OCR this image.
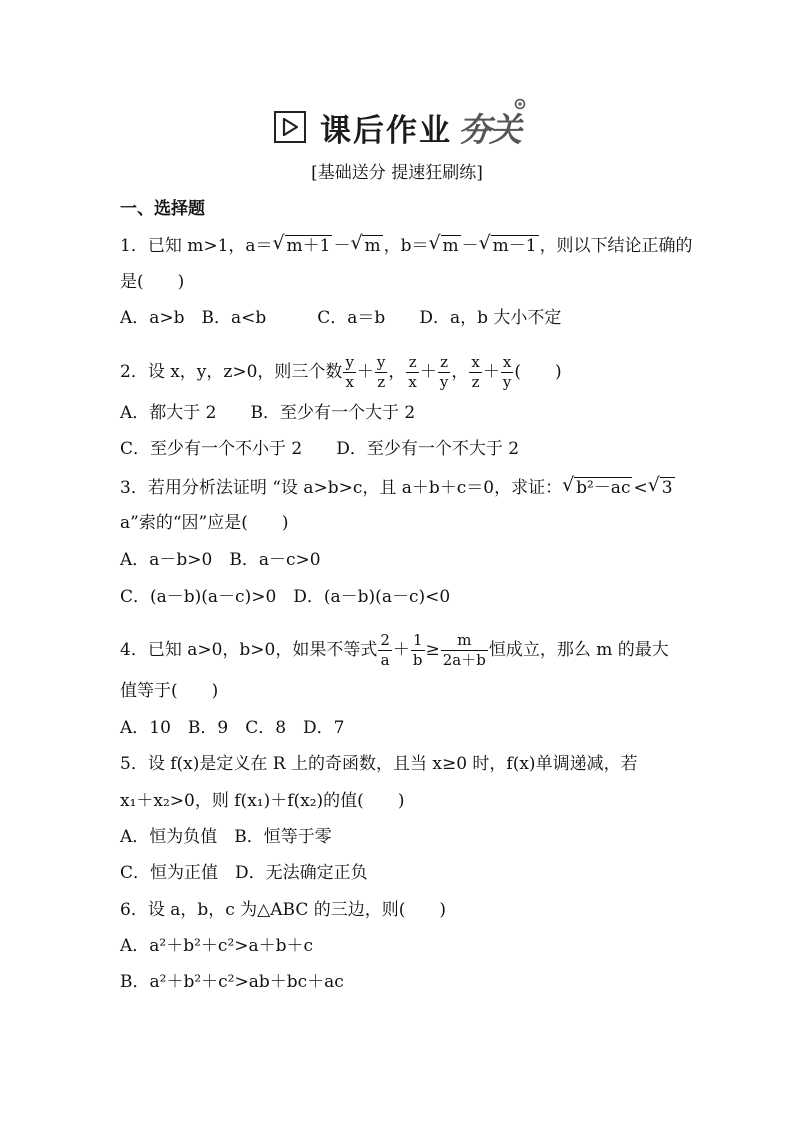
课后作业 夯关
[基础送分 提速狂刷练]
一、选择题
1．已知 m>1，a＝ √ m＋1 － √ m ，b＝ √ m － √ m－1 ，则以下结论正确的
是(　　)
A．a>b　B．a<b　　　C．a＝b　　D．a，b 大小不定
2．设 x，y，z>0，则三个数 $\frac{y}{x} + \frac{y}{z}$ ， $\frac{z}{x} + \frac{z}{y}$ ， $\frac{x}{z} + \frac{x}{y}$ (　　)
A．都大于 2　　B．至少有一个大于 2
C．至少有一个不小于 2　　D．至少有一个不大于 2
3．若用分析法证明 “设 a>b>c，且 a＋b＋c＝0，求证： √ b²－ac < √ 3
a”索的“因”应是(　　)
A．a－b>0　B．a－c>0
C．(a－b)(a－c)>0　D．(a－b)(a－c)<0
4．已知 a>0，b>0，如果不等式 $\frac{2}{a} + \frac{1}{b} \ge \frac{m}{2a+b}$ 恒成立，那么 m 的最大
值等于(　　)
A．10　B．9　C．8　D．7
5．设 f(x)是定义在 R 上的奇函数，且当 x≥0 时，f(x)单调递减，若
x₁＋x₂>0，则 f(x₁)＋f(x₂)的值(　　)
A．恒为负值　B．恒等于零
C．恒为正值　D．无法确定正负
6．设 a，b，c 为△ABC 的三边，则(　　)
A．a²＋b²＋c²>a＋b＋c
B．a²＋b²＋c²>ab＋bc＋ac
